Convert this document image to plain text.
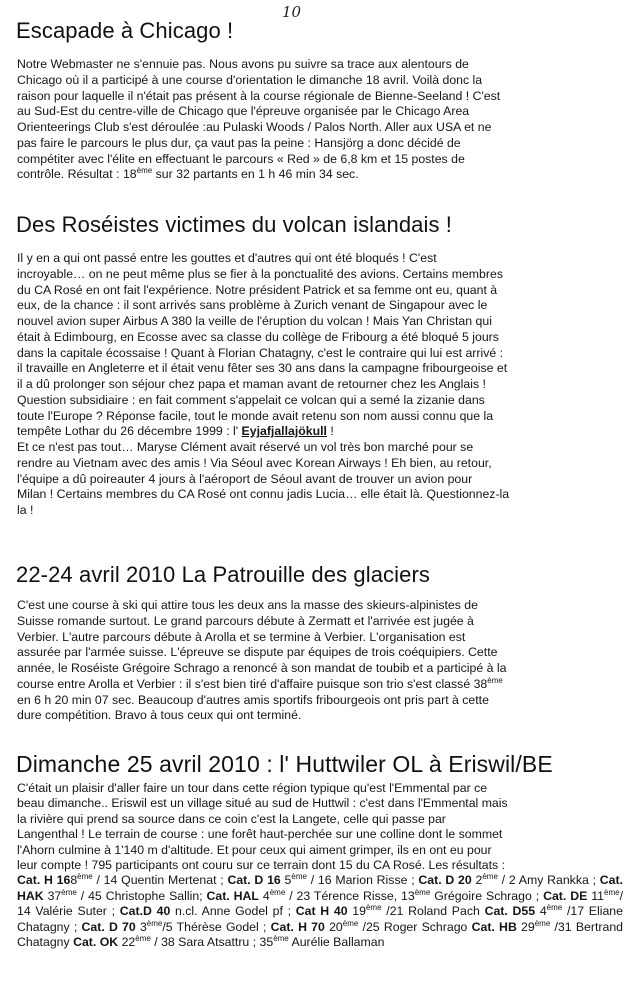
10
Escapade à Chicago !
Notre Webmaster ne s'ennuie pas. Nous avons pu suivre sa trace aux alentours de
Chicago où il a participé à une course d'orientation le dimanche 18 avril. Voilà donc la
raison pour laquelle il n'était pas présent à la course régionale de Bienne-Seeland ! C'est
au Sud-Est du centre-ville de Chicago que l'épreuve organisée par le Chicago Area
Orienteerings Club s'est déroulée :au Pulaski Woods / Palos North. Aller aux USA et ne
pas faire le parcours le plus dur, ça vaut pas la peine : Hansjörg a donc décidé de
compétiter avec l'élite en effectuant le parcours « Red » de 6,8 km et 15 postes de
contrôle. Résultat : 18ème sur 32 partants en 1 h 46 min 34 sec.
Des Roséistes victimes du volcan islandais !
Il y en a qui ont passé entre les gouttes et d'autres qui ont été bloqués ! C'est
incroyable… on ne peut même plus se fier à la ponctualité des avions. Certains membres
du CA Rosé en ont fait l'expérience. Notre président Patrick et sa femme ont eu, quant à
eux, de la chance : il sont arrivés sans problème à Zurich venant de Singapour avec le
nouvel avion super Airbus A 380 la veille de l'éruption du volcan ! Mais Yan Christan qui
était à Edimbourg, en Ecosse avec sa classe du collège de Fribourg a été bloqué 5 jours
dans la capitale écossaise ! Quant à Florian Chatagny, c'est le contraire qui lui est arrivé :
il travaille en Angleterre et il était venu fêter ses 30 ans dans la campagne fribourgeoise et
il a dû prolonger son séjour chez papa et maman avant de retourner chez les Anglais !
Question subsidiaire : en fait comment s'appelait ce volcan qui a semé la zizanie dans
toute l'Europe ? Réponse facile, tout le monde avait retenu son nom aussi connu que la
tempête Lothar du 26 décembre 1999 : l' Eyjafjallajökull !
Et ce n'est pas tout… Maryse Clément avait réservé un vol très bon marché pour se
rendre au Vietnam avec des amis ! Via Séoul avec Korean Airways ! Eh bien, au retour,
l'équipe a dû poireauter 4 jours à l'aéroport de Séoul avant de trouver un avion pour
Milan ! Certains membres du CA Rosé ont connu jadis Lucia… elle était là. Questionnez-la
la !
22-24 avril 2010 La Patrouille des glaciers
C'est une course à ski qui attire tous les deux ans la masse des skieurs-alpinistes de
Suisse romande surtout. Le grand parcours débute à Zermatt et l'arrivée est jugée à
Verbier. L'autre parcours débute à Arolla et se termine à Verbier. L'organisation est
assurée par l'armée suisse. L'épreuve se dispute par équipes de trois coéquipiers. Cette
année, le Roséiste Grégoire Schrago a renoncé à son mandat de toubib et a participé à la
course entre Arolla et Verbier : il s'est bien tiré d'affaire puisque son trio s'est classé 38ème
en 6 h 20 min 07 sec. Beaucoup d'autres amis sportifs fribourgeois ont pris part à cette
dure compétition. Bravo à tous ceux qui ont terminé.
Dimanche 25 avril 2010 : l' Huttwiler OL à Eriswil/BE
C'était un plaisir d'aller faire un tour dans cette région typique qu'est l'Emmental par ce
beau dimanche.. Eriswil est un village situé au sud de Huttwil : c'est dans l'Emmental mais
la rivière qui prend sa source dans ce coin c'est la Langete, celle qui passe par
Langenthal ! Le terrain de course : une forêt haut-perchée sur une colline dont le sommet
l'Ahorn culmine à 1'140 m d'altitude. Et pour ceux qui aiment grimper, ils en ont eu pour
leur compte ! 795 participants ont couru sur ce terrain dont 15 du CA Rosé. Les résultats :
Cat. H 168ème / 14 Quentin Mertenat ; Cat. D 16 5ème / 16 Marion Risse ; Cat. D 20 2ème / 2 Amy Rankka ; Cat. HAK 37ème / 45 Christophe Sallin; Cat. HAL 4ème / 23 Térence Risse, 13ème Grégoire Schrago ; Cat. DE 11ème/ 14 Valérie Suter ; Cat.D 40 n.cl. Anne Godel pf ; Cat H 40 19ème /21 Roland Pach Cat. D55 4ème /17 Eliane Chatagny ; Cat. D 70 3ème/5 Thérèse Godel ; Cat. H 70 20ème /25 Roger Schrago Cat. HB 29ème /31 Bertrand Chatagny Cat. OK 22ème / 38 Sara Atsattru ; 35ème Aurélie Ballaman
